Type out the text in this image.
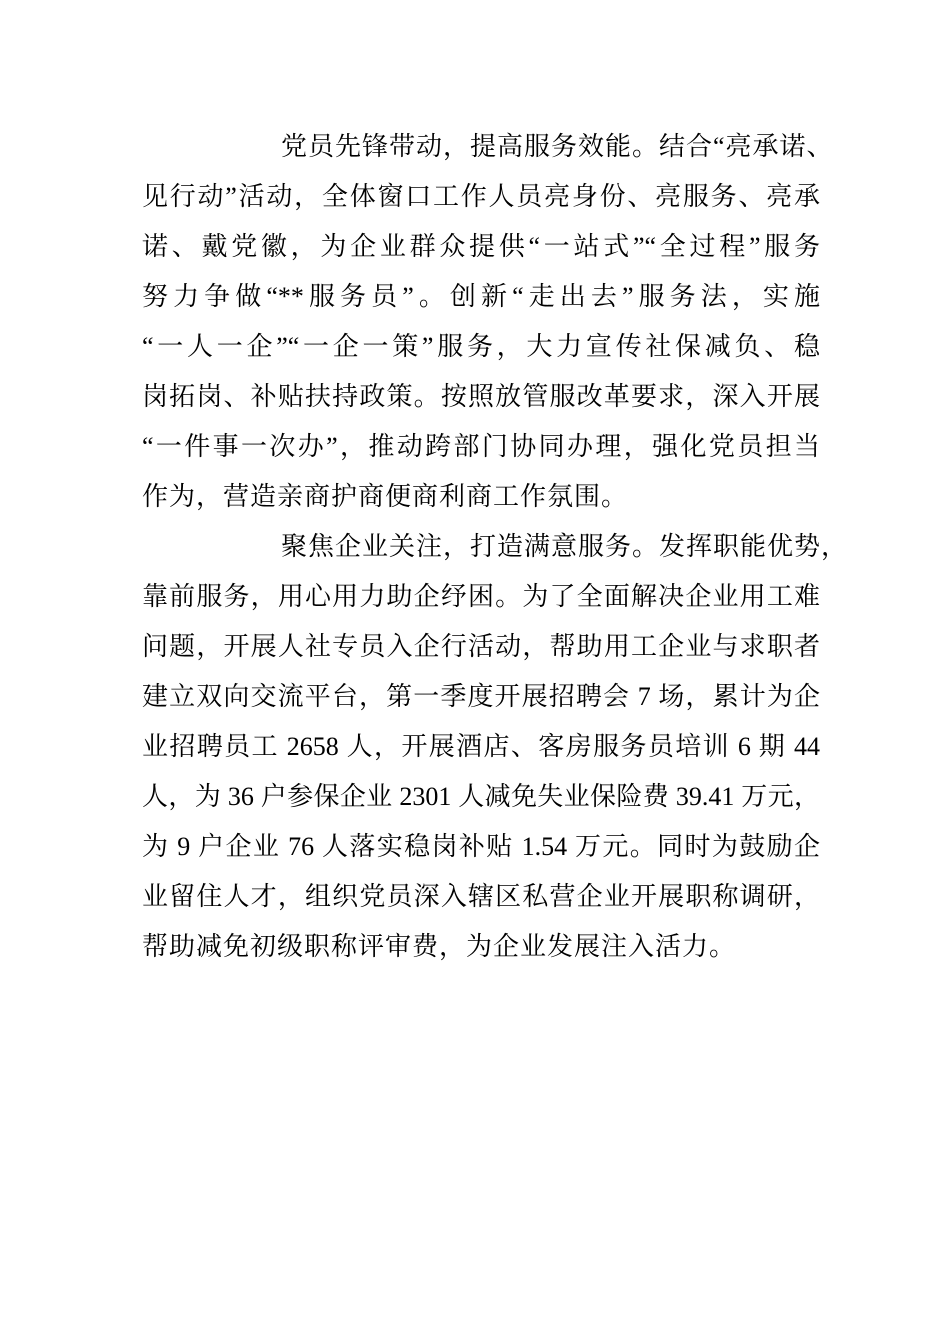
党员先锋带动，提高服务效能。结合“亮承诺、
见行动”活动，全体窗口工作人员亮身份、亮服务、亮承
诺、戴党徽，为企业群众提供“一站式”“全过程”服务
努力争做“**服务员”。创新“走出去”服务法，实施
“一人一企”“一企一策”服务，大力宣传社保减负、稳
岗拓岗、补贴扶持政策。按照放管服改革要求，深入开展
“一件事一次办”，推动跨部门协同办理，强化党员担当
作为，营造亲商护商便商利商工作氛围。
聚焦企业关注，打造满意服务。发挥职能优势，
靠前服务，用心用力助企纾困。为了全面解决企业用工难
问题，开展人社专员入企行活动，帮助用工企业与求职者
建立双向交流平台，第一季度开展招聘会 7 场，累计为企
业招聘员工 2658 人，开展酒店、客房服务员培训 6 期 44
人，为 36 户参保企业 2301 人减免失业保险费 39.41 万元，
为 9 户企业 76 人落实稳岗补贴 1.54 万元。同时为鼓励企
业留住人才，组织党员深入辖区私营企业开展职称调研，
帮助减免初级职称评审费，为企业发展注入活力。
